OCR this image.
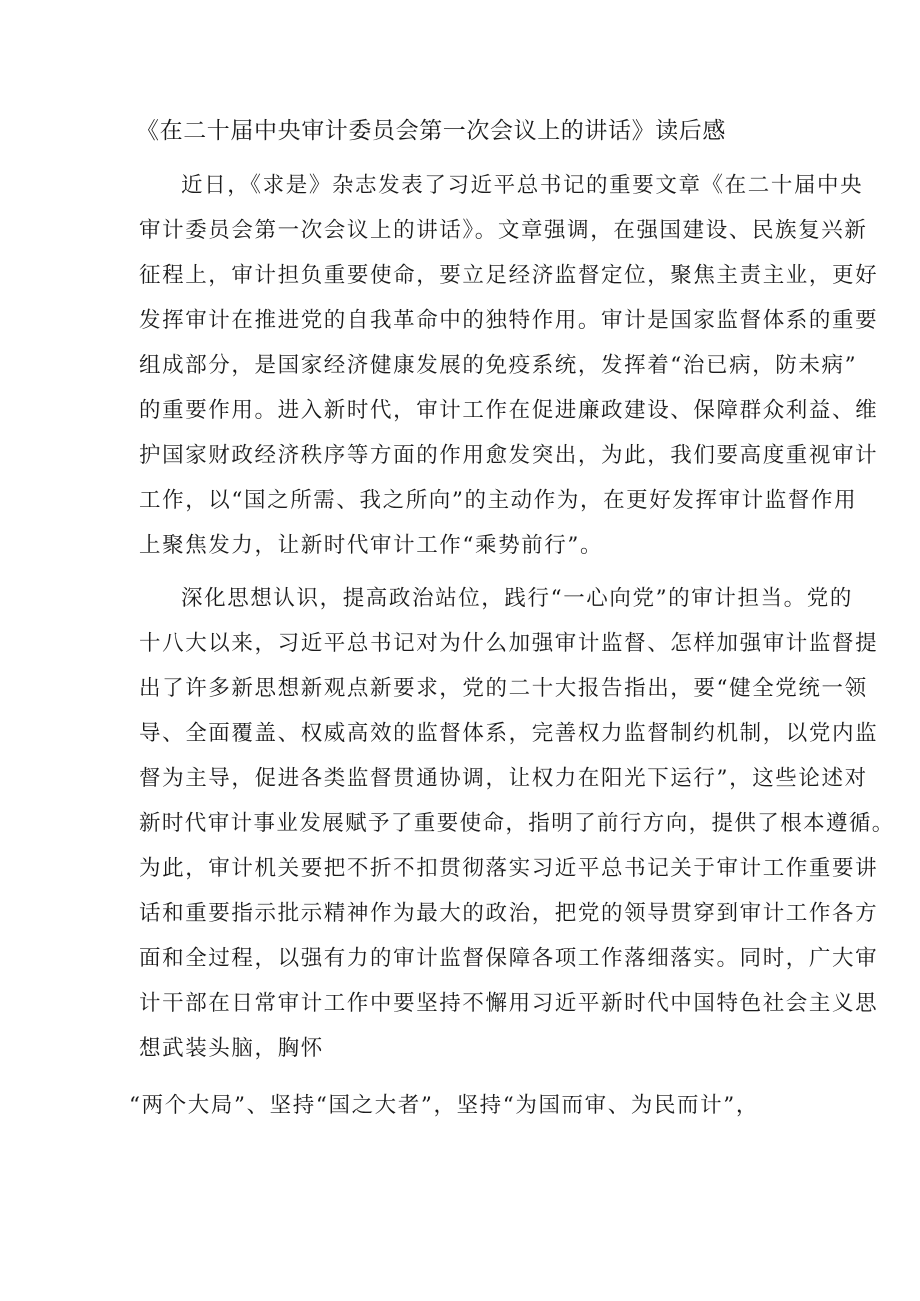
《在二十届中央审计委员会第一次会议上的讲话》读后感
近日，《求是》杂志发表了习近平总书记的重要文章《在二十届中央
审计委员会第一次会议上的讲话》。文章强调，在强国建设、民族复兴新
征程上，审计担负重要使命，要立足经济监督定位，聚焦主责主业，更好
发挥审计在推进党的自我革命中的独特作用。审计是国家监督体系的重要
组成部分，是国家经济健康发展的免疫系统，发挥着“治已病，防未病”
的重要作用。进入新时代，审计工作在促进廉政建设、保障群众利益、维
护国家财政经济秩序等方面的作用愈发突出，为此，我们要高度重视审计
工作，以“国之所需、我之所向”的主动作为，在更好发挥审计监督作用
上聚焦发力，让新时代审计工作“乘势前行”。
深化思想认识，提高政治站位，践行“一心向党”的审计担当。党的
十八大以来，习近平总书记对为什么加强审计监督、怎样加强审计监督提
出了许多新思想新观点新要求，党的二十大报告指出，要“健全党统一领
导、全面覆盖、权威高效的监督体系，完善权力监督制约机制，以党内监
督为主导，促进各类监督贯通协调，让权力在阳光下运行”，这些论述对
新时代审计事业发展赋予了重要使命，指明了前行方向，提供了根本遵循。
为此，审计机关要把不折不扣贯彻落实习近平总书记关于审计工作重要讲
话和重要指示批示精神作为最大的政治，把党的领导贯穿到审计工作各方
面和全过程，以强有力的审计监督保障各项工作落细落实。同时，广大审
计干部在日常审计工作中要坚持不懈用习近平新时代中国特色社会主义思
想武装头脑，胸怀
“两个大局”、坚持“国之大者”，坚持“为国而审、为民而计”，
